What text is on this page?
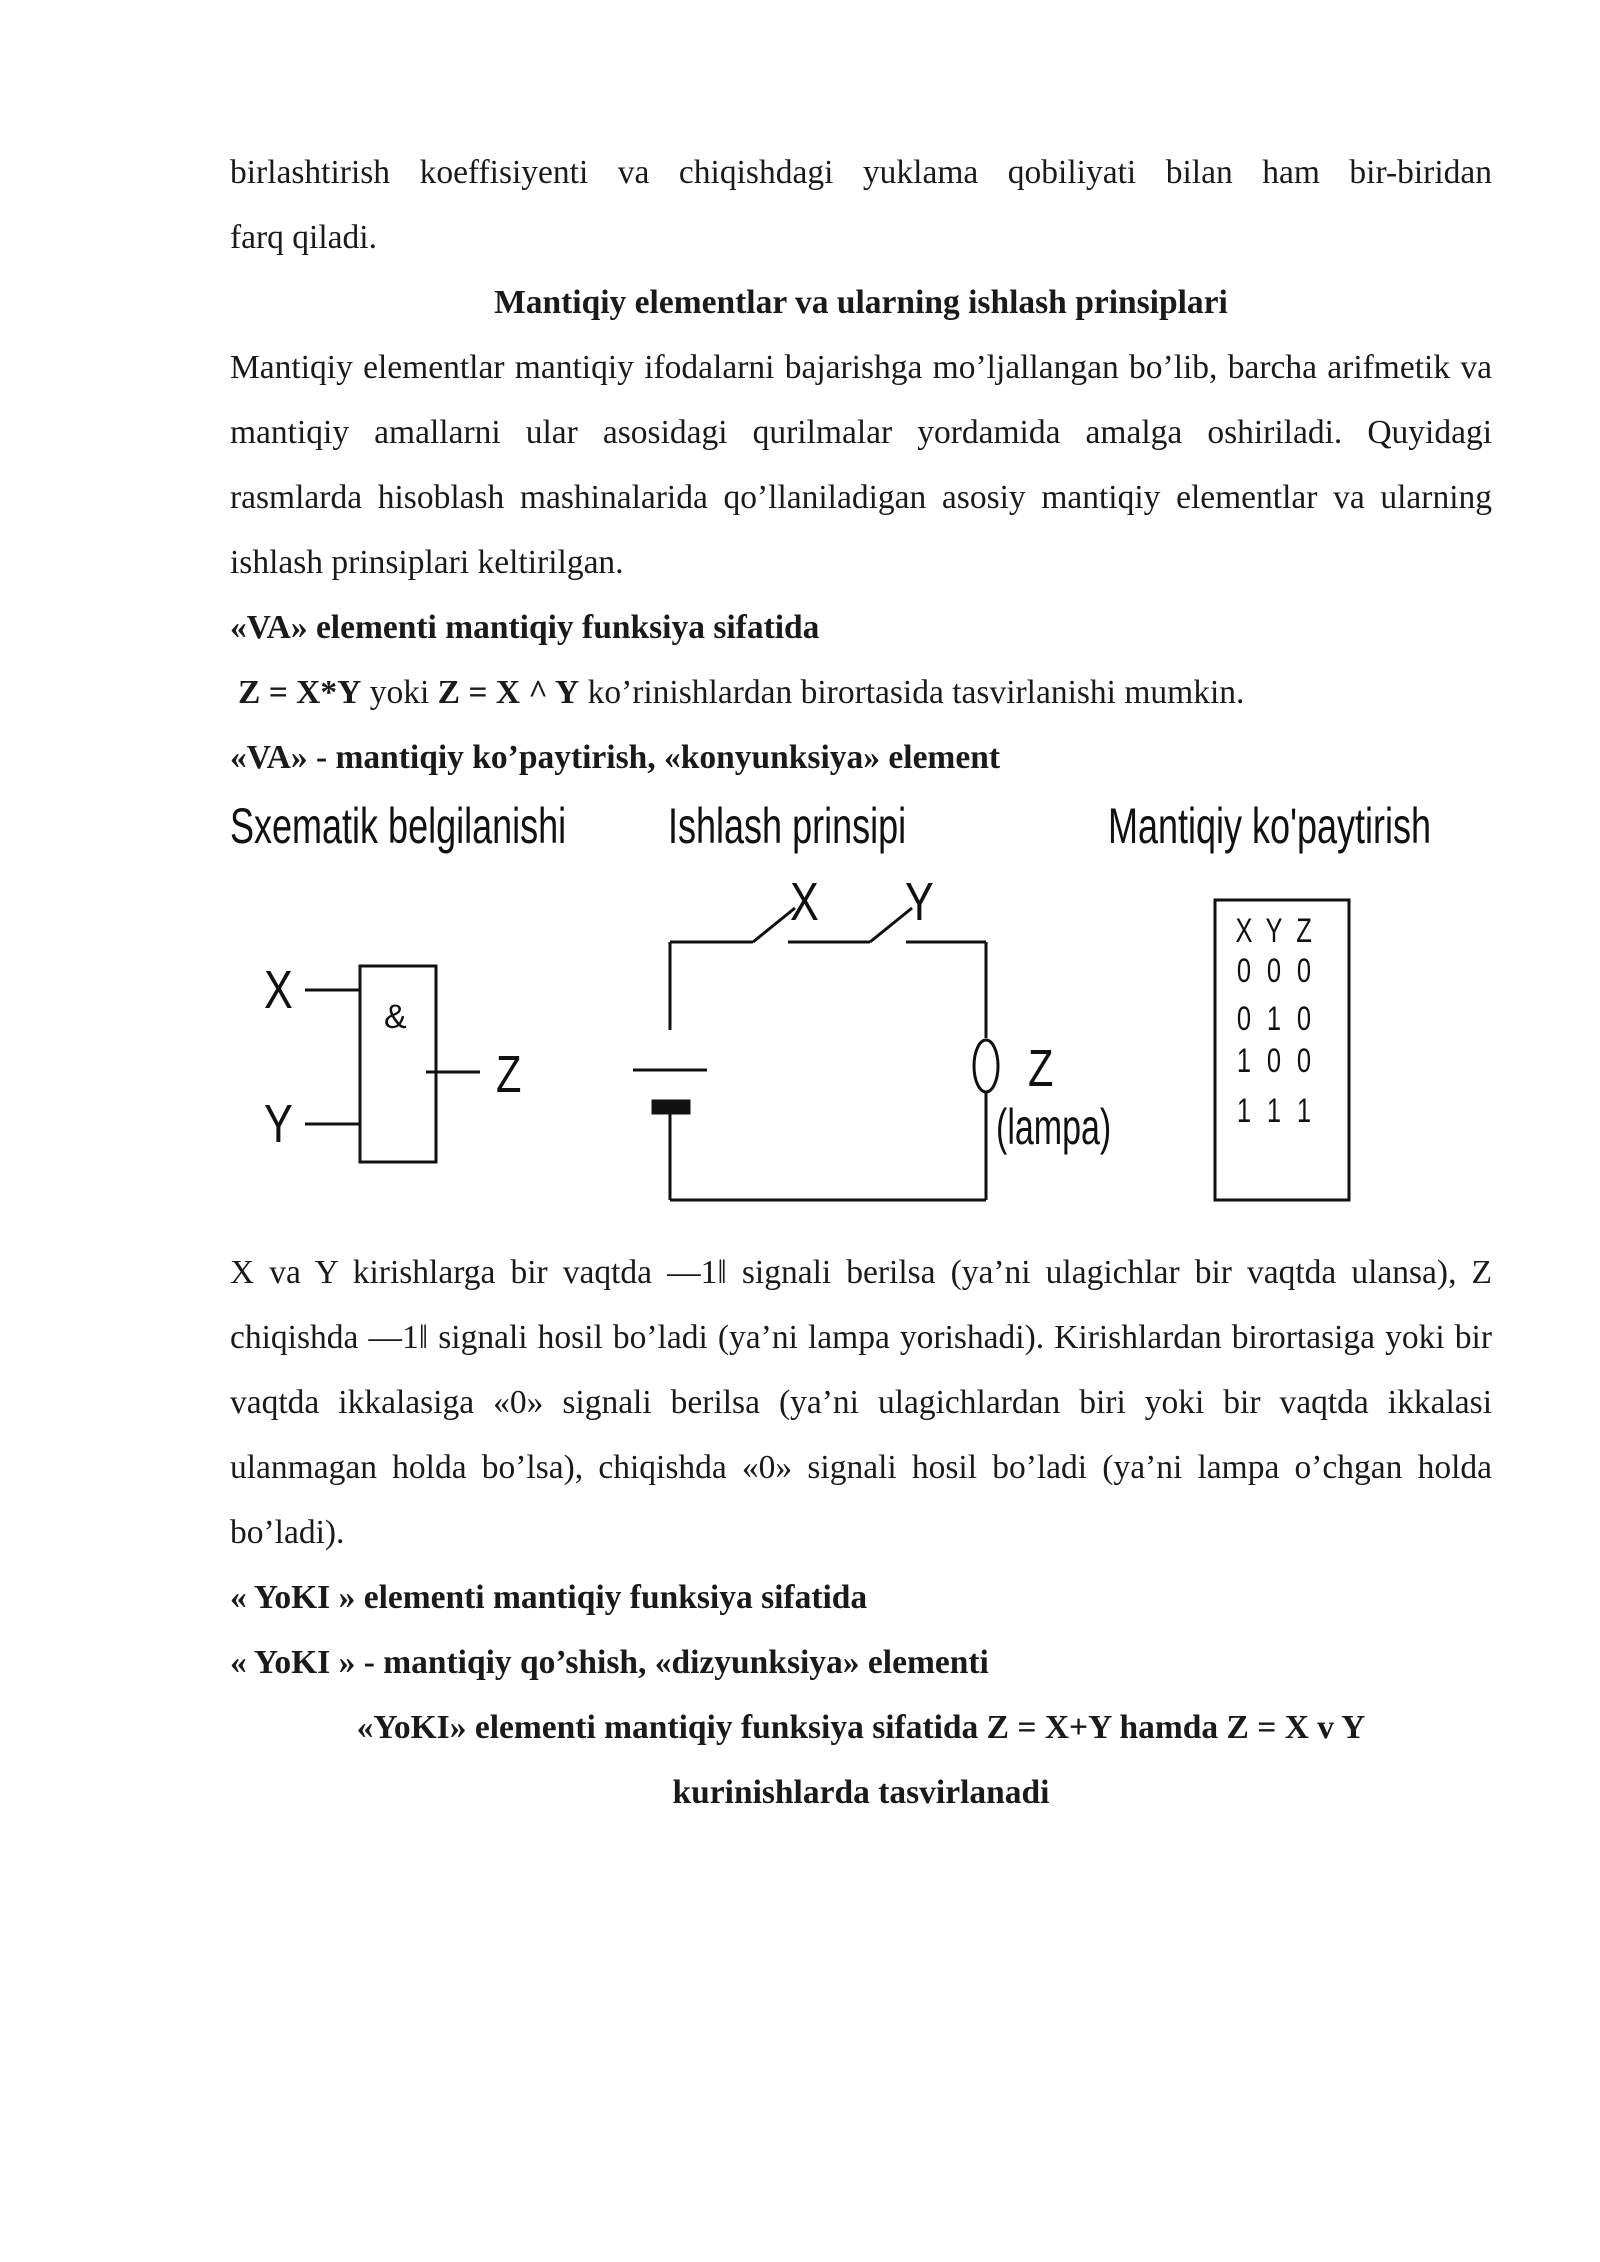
birlashtirish koeffisiyenti va chiqishdagi yuklama qobiliyati bilan ham bir-biridan

farq qiladi.

Mantiqiy elementlar va ularning ishlash prinsiplari

Mantiqiy elementlar mantiqiy ifodalarni bajarishga mo’ljallangan bo’lib, barcha arifmetik va mantiqiy amallarni ular asosidagi qurilmalar yordamida amalga oshiriladi. Quyidagi rasmlarda hisoblash mashinalarida qo’llaniladigan asosiy mantiqiy elementlar va ularning ishlash prinsiplari keltirilgan.

«VA» elementi mantiqiy funksiya sifatida

Z = X*Y yoki Z = X ^ Y ko’rinishlardan birortasida tasvirlanishi mumkin.

«VA» - mantiqiy ko’paytirish, «konyunksiya» element

Sxematik belgilanishi Ishlash prinsipi	Mantiqiy ko'paytirish
X
Y
&
Z
X Y
Z
(lampa)
X Y Z
0 0 0
0 1 0
1 0 0
1 1 1

X va Y kirishlarga bir vaqtda ―1‖ signali berilsa (ya’ni ulagichlar bir vaqtda ulansa), Z chiqishda ―1‖ signali hosil bo’ladi (ya’ni lampa yorishadi). Kirishlardan birortasiga yoki bir vaqtda ikkalasiga «0» signali berilsa (ya’ni ulagichlardan biri yoki bir vaqtda ikkalasi ulanmagan holda bo’lsa), chiqishda «0» signali hosil bo’ladi (ya’ni lampa o’chgan holda bo’ladi).

« YoKI » elementi mantiqiy funksiya sifatida

« YoKI » - mantiqiy qo’shish, «dizyunksiya» elementi

«YoKI» elementi mantiqiy funksiya sifatida Z = X+Y hamda Z = X v Y

kurinishlarda tasvirlanadi
